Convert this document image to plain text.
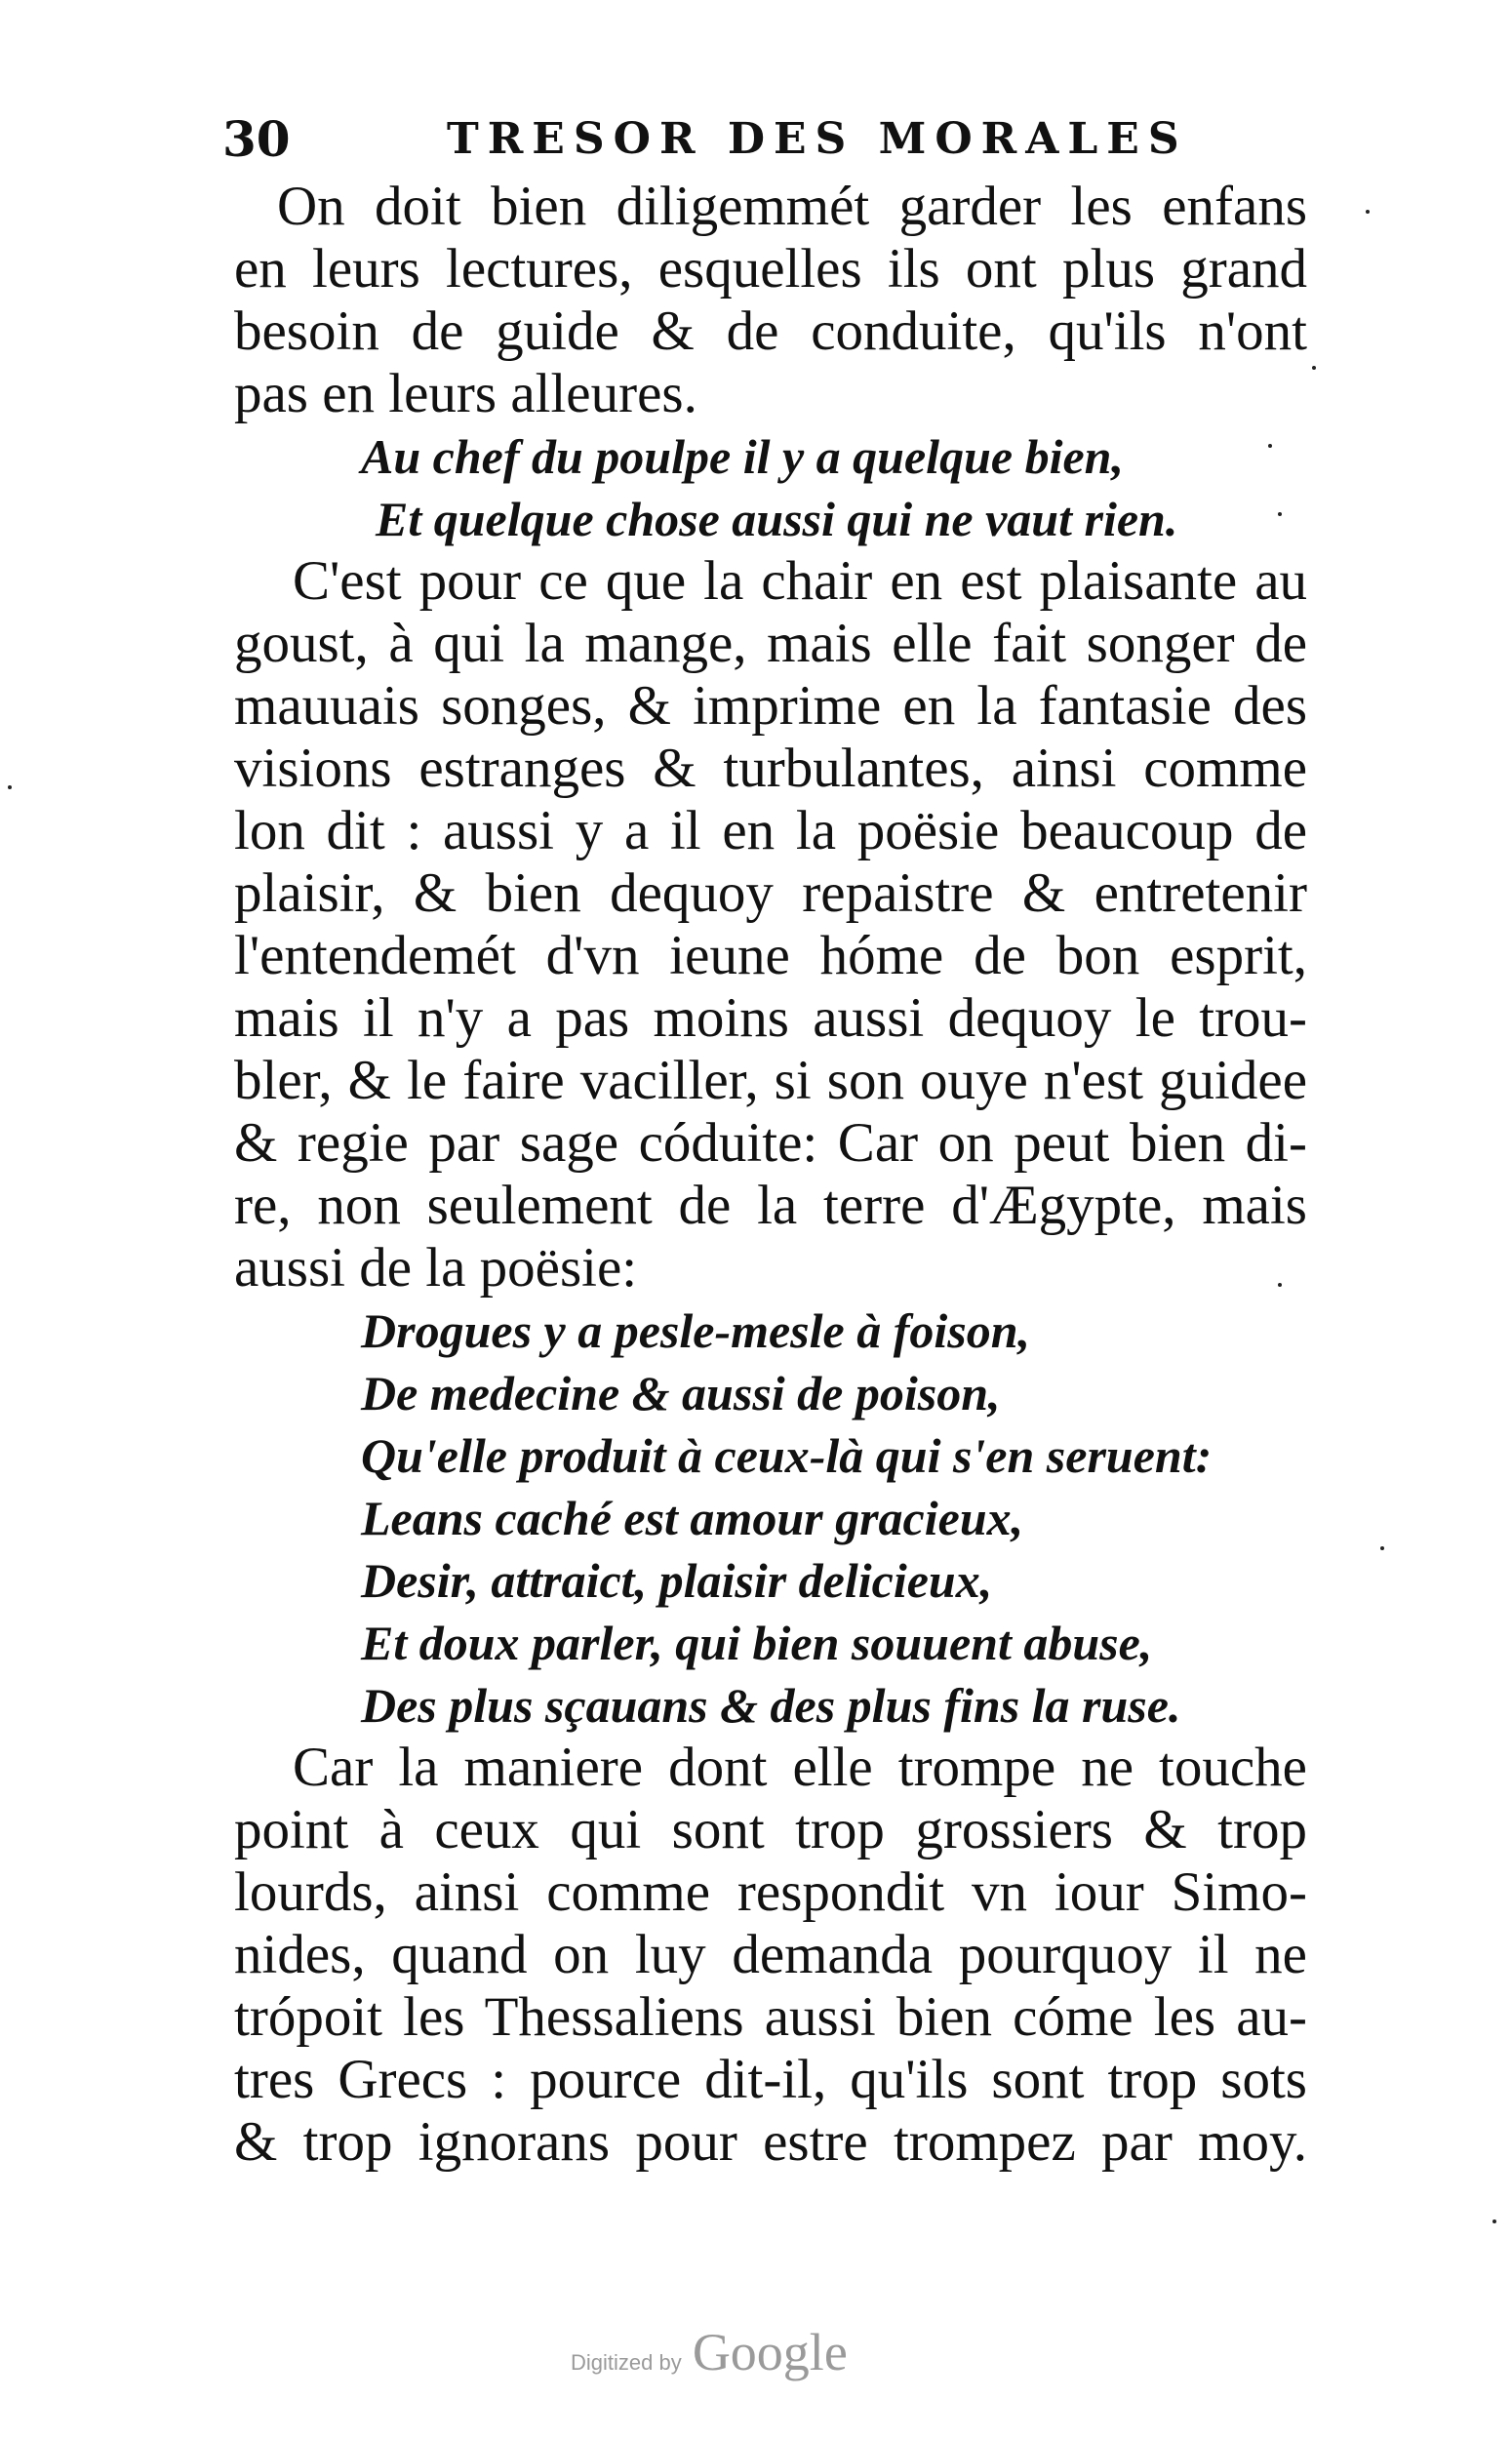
30	TRESOR DES MORALES
On doit bien diligemmét garder les enfans
en leurs lectures, esquelles ils ont plus grand
besoin de guide & de conduite, qu'ils n'ont
pas en leurs alleures.
Au chef du poulpe il y a quelque bien,
Et quelque chose aussi qui ne vaut rien.
C'est pour ce que la chair en est plaisante au
goust, à qui la mange, mais elle fait songer de
mauuais songes, & imprime en la fantasie des
visions estranges & turbulantes, ainsi comme
lon dit : aussi y a il en la poësie beaucoup de
plaisir, & bien dequoy repaistre & entretenir
l'entendemét d'vn ieune hóme de bon esprit,
mais il n'y a pas moins aussi dequoy le trou-
bler, & le faire vaciller, si son ouye n'est guidee
& regie par sage códuite: Car on peut bien di-
re, non seulement de la terre d'Ægypte, mais
aussi de la poësie:
Drogues y a pesle-mesle à foison,
De medecine & aussi de poison,
Qu'elle produit à ceux-là qui s'en seruent:
Leans caché est amour gracieux,
Desir, attraict, plaisir delicieux,
Et doux parler, qui bien souuent abuse,
Des plus sçauans & des plus fins la ruse.
Car la maniere dont elle trompe ne touche
point à ceux qui sont trop grossiers & trop
lourds, ainsi comme respondit vn iour Simo-
nides, quand on luy demanda pourquoy il ne
trópoit les Thessaliens aussi bien cóme les au-
tres Grecs : pource dit-il, qu'ils sont trop sots
& trop ignorans pour estre trompez par moy.
Digitized by Google
